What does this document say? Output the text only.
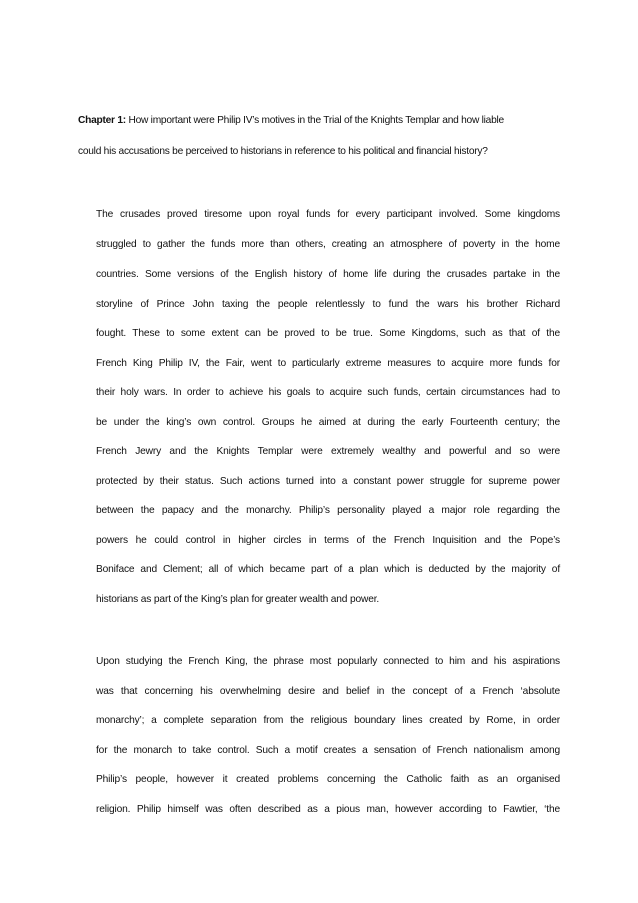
Chapter 1: How important were Philip IV’s motives in the Trial of the Knights Templar and how liable
could his accusations be perceived to historians in reference to his political and financial history?
The crusades proved tiresome upon royal funds for every participant involved. Some kingdoms
struggled to gather the funds more than others, creating an atmosphere of poverty in the home
countries. Some versions of the English history of home life during the crusades partake in the
storyline of Prince John taxing the people relentlessly to fund the wars his brother Richard
fought. These to some extent can be proved to be true. Some Kingdoms, such as that of the
French King Philip IV, the Fair, went to particularly extreme measures to acquire more funds for
their holy wars. In order to achieve his goals to acquire such funds, certain circumstances had to
be under the king’s own control. Groups he aimed at during the early Fourteenth century; the
French Jewry and the Knights Templar were extremely wealthy and powerful and so were
protected by their status. Such actions turned into a constant power struggle for supreme power
between the papacy and the monarchy. Philip’s personality played a major role regarding the
powers he could control in higher circles in terms of the French Inquisition and the Pope’s
Boniface and Clement; all of which became part of a plan which is deducted by the majority of
historians as part of the King’s plan for greater wealth and power.
Upon studying the French King, the phrase most popularly connected to him and his aspirations
was that concerning his overwhelming desire and belief in the concept of a French ‘absolute
monarchy’; a complete separation from the religious boundary lines created by Rome, in order
for the monarch to take control. Such a motif creates a sensation of French nationalism among
Philip’s people, however it created problems concerning the Catholic faith as an organised
religion. Philip himself was often described as a pious man, however according to Fawtier, ‘the
